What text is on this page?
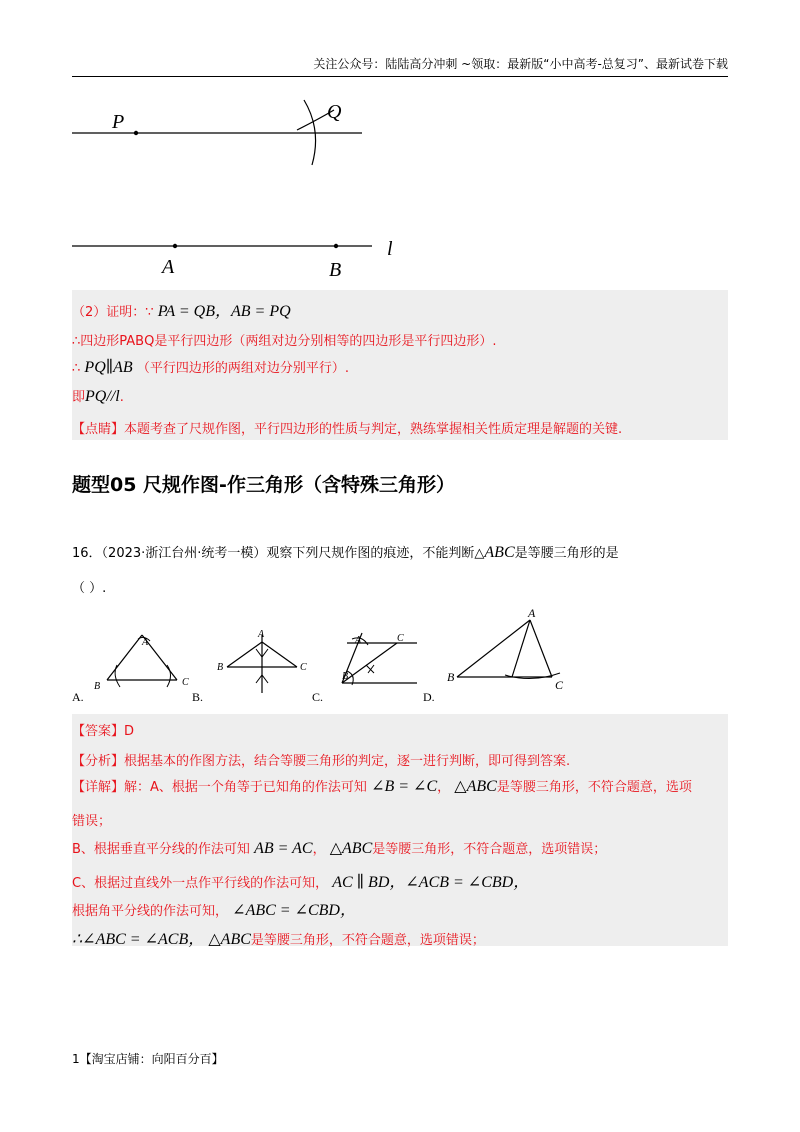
关注公众号：陆陆高分冲刺 ~领取：最新版“小中高考-总复习”、最新试卷下载
P	Q
A	B
l
（2）证明：∵ PA = QB，AB = PQ
∴四边形PABQ是平行四边形（两组对边分别相等的四边形是平行四边形）.
∴ PQ∥AB （平行四边形的两组对边分别平行）.
即PQ//l.
【点睛】本题考查了尺规作图，平行四边形的性质与判定，熟练掌握相关性质定理是解题的关键.
题型05 尺规作图-作三角形（含特殊三角形）
16．（2023·浙江台州·统考一模）观察下列尺规作图的痕迹，不能判断△ABC是等腰三角形的是
（ ）.
A
B	C
A
B	C
A	C
B
A
B
C
A.	B.	C.	D.
【答案】D
【分析】根据基本的作图方法，结合等腰三角形的判定，逐一进行判断，即可得到答案.
【详解】解：A、根据一个角等于已知角的作法可知 ∠B = ∠C， △ABC是等腰三角形，不符合题意，选项
错误；
B、根据垂直平分线的作法可知 AB = AC， △ABC是等腰三角形，不符合题意，选项错误；
C、根据过直线外一点作平行线的作法可知， AC ∥ BD，∠ACB = ∠CBD，
根据角平分线的作法可知， ∠ABC = ∠CBD，
∴∠ABC = ∠ACB， △ABC是等腰三角形，不符合题意，选项错误；
1【淘宝店铺：向阳百分百】
